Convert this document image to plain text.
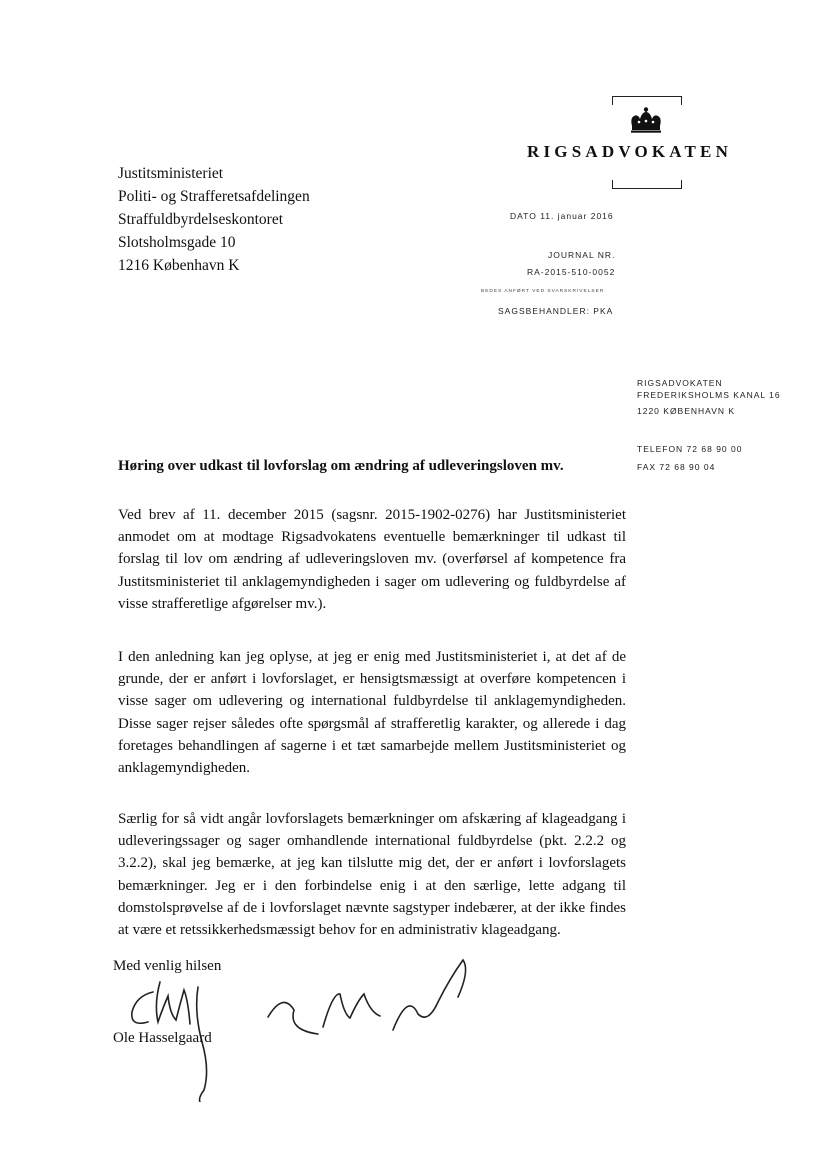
RIGSADVOKATEN
Justitsministeriet
Politi- og Strafferetsafdelingen
Straffuldbyrdelseskontoret
Slotsholmsgade 10
1216 København K
DATO 11. januar 2016
JOURNAL NR.
RA-2015-510-0052
BEDES ANFØRT VED SVARSKRIVELSER
SAGSBEHANDLER: PKA
RIGSADVOKATEN
FREDERIKSHOLMS KANAL 16
1220 KØBENHAVN K
TELEFON 72 68 90 00
FAX 72 68 90 04
Høring over udkast til lovforslag om ændring af udleveringsloven mv.
Ved brev af 11. december 2015 (sagsnr. 2015-1902-0276) har Justitsministeriet anmodet om at modtage Rigsadvokatens eventuelle bemærkninger til udkast til forslag til lov om ændring af udleveringsloven mv. (overførsel af kompetence fra Justitsministeriet til anklagemyndigheden i sager om udlevering og fuldbyrdelse af visse strafferetlige afgørelser mv.).
I den anledning kan jeg oplyse, at jeg er enig med Justitsministeriet i, at det af de grunde, der er anført i lovforslaget, er hensigtsmæssigt at overføre kompetencen i visse sager om udlevering og international fuldbyrdelse til anklagemyndigheden. Disse sager rejser således ofte spørgsmål af strafferetlig karakter, og allerede i dag foretages behandlingen af sagerne i et tæt samarbejde mellem Justitsministeriet og anklagemyndigheden.
Særlig for så vidt angår lovforslagets bemærkninger om afskæring af klageadgang i udleveringssager og sager omhandlende international fuldbyrdelse (pkt. 2.2.2 og 3.2.2), skal jeg bemærke, at jeg kan tilslutte mig det, der er anført i lovforslagets bemærkninger. Jeg er i den forbindelse enig i at den særlige, lette adgang til domstolsprøvelse af de i lovforslaget nævnte sagstyper indebærer, at der ikke findes at være et retssikkerhedsmæssigt behov for en administrativ klageadgang.
Med venlig hilsen
Ole Hasselgaard
